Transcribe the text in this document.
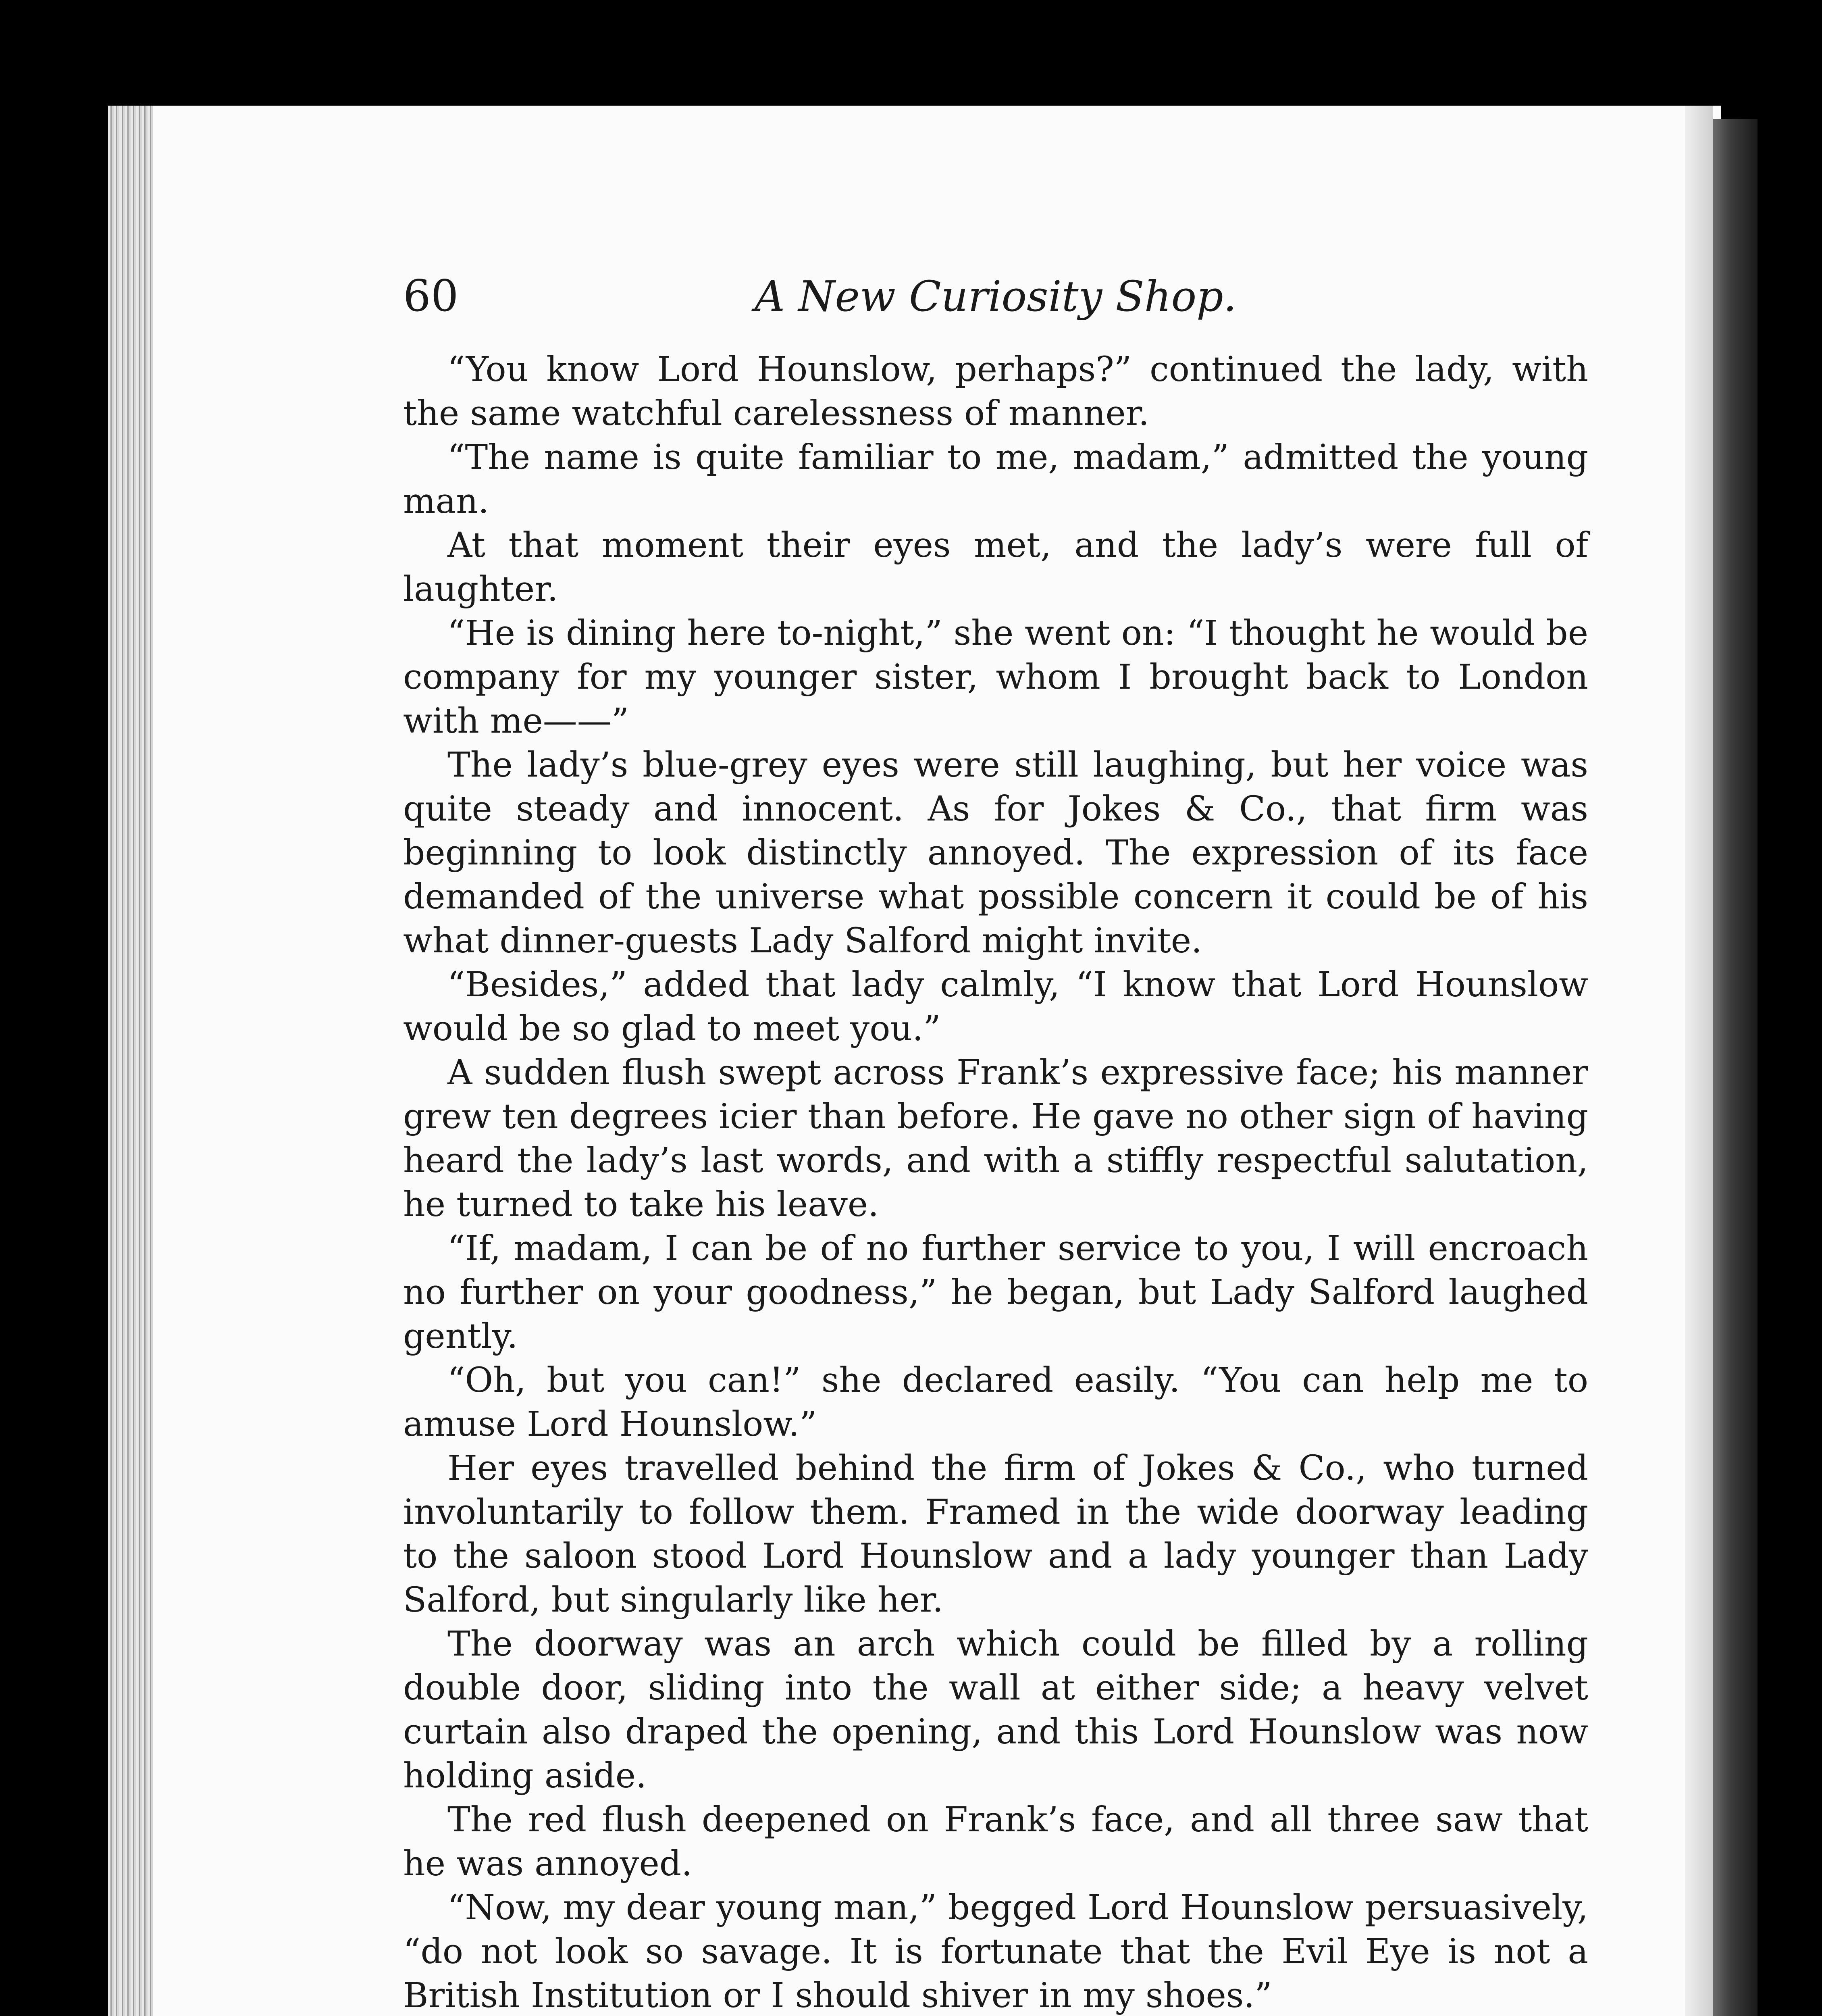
60	A New Curiosity Shop.

“You know Lord Hounslow, perhaps?” continued the lady, with the same watchful carelessness of manner.

“The name is quite familiar to me, madam,” admitted the young man.

At that moment their eyes met, and the lady’s were full of laughter.

“He is dining here to-night,” she went on: “I thought he would be company for my younger sister, whom I brought back to London with me——”

The lady’s blue-grey eyes were still laughing, but her voice was quite steady and innocent. As for Jokes & Co., that firm was beginning to look distinctly annoyed. The expression of its face demanded of the universe what possible concern it could be of his what dinner-guests Lady Salford might invite.

“Besides,” added that lady calmly, “I know that Lord Hounslow would be so glad to meet you.”

A sudden flush swept across Frank’s expressive face; his manner grew ten degrees icier than before. He gave no other sign of having heard the lady’s last words, and with a stiffly respectful salutation, he turned to take his leave.

“If, madam, I can be of no further service to you, I will encroach no further on your goodness,” he began, but Lady Salford laughed gently.

“Oh, but you can!” she declared easily. “You can help me to amuse Lord Hounslow.”

Her eyes travelled behind the firm of Jokes & Co., who turned involuntarily to follow them. Framed in the wide doorway leading to the saloon stood Lord Hounslow and a lady younger than Lady Salford, but singularly like her.

The doorway was an arch which could be filled by a rolling double door, sliding into the wall at either side; a heavy velvet curtain also draped the opening, and this Lord Hounslow was now holding aside.

The red flush deepened on Frank’s face, and all three saw that he was annoyed.

“Now, my dear young man,” begged Lord Hounslow persuasively, “do not look so savage. It is fortunate that the Evil Eye is not a British Institution or I should shiver in my shoes.”
